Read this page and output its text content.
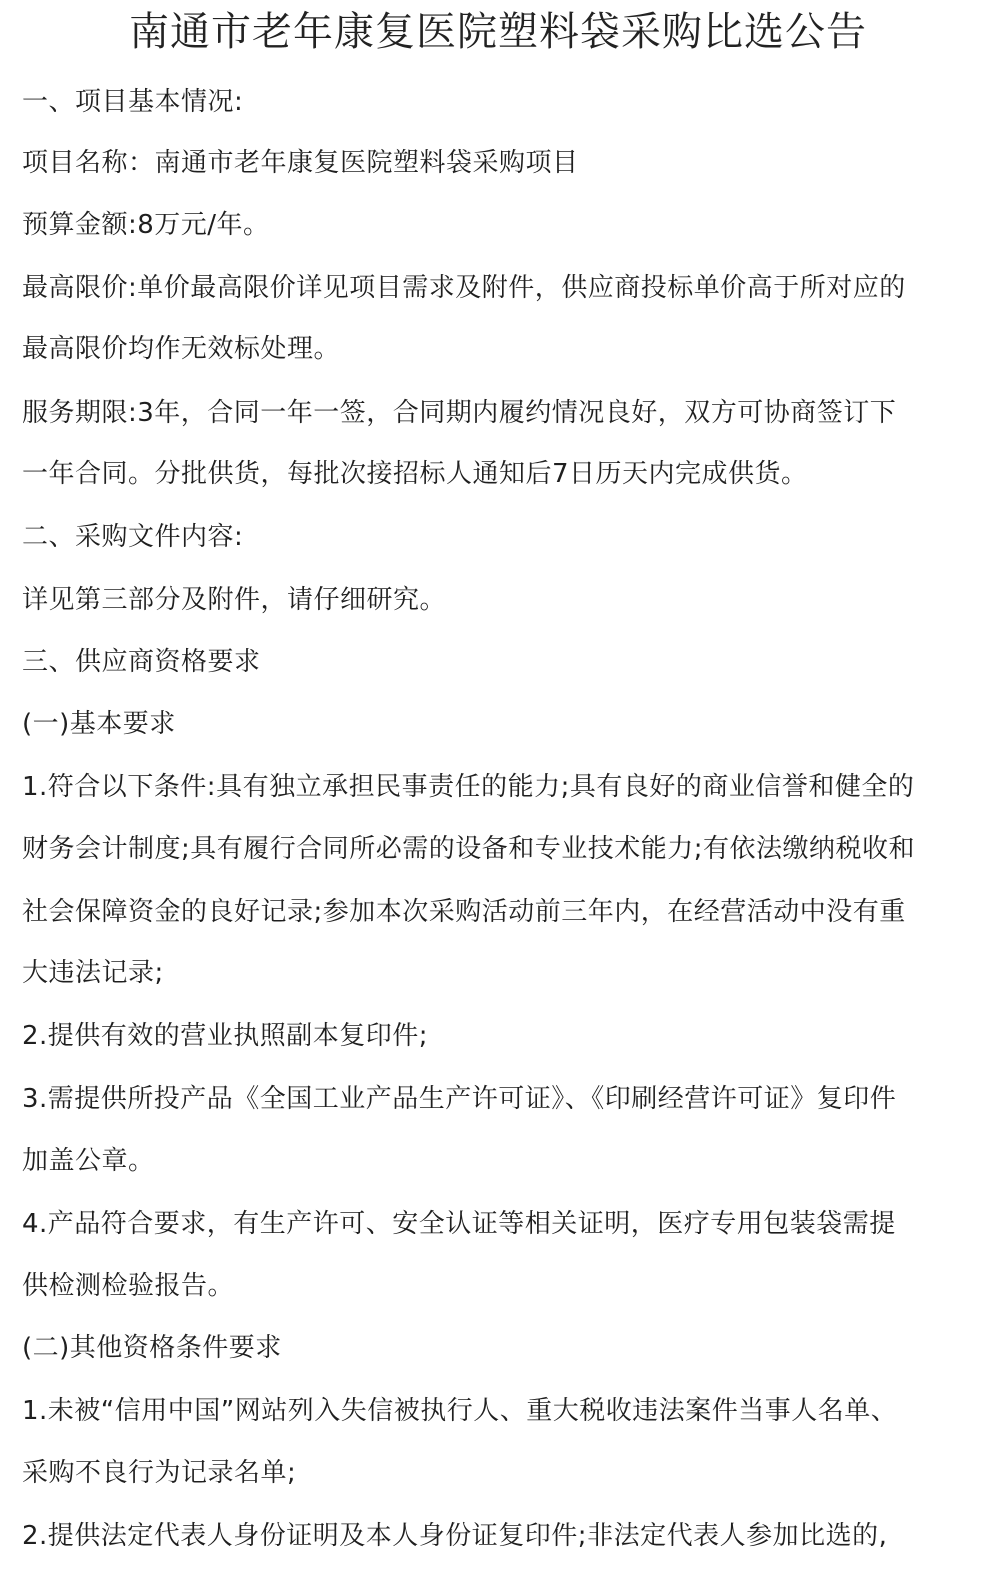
南通市老年康复医院塑料袋采购比选公告
一、项目基本情况:
项目名称：南通市老年康复医院塑料袋采购项目
预算金额:8万元/年。
最高限价:单价最高限价详见项目需求及附件，供应商投标单价高于所对应的
最高限价均作无效标处理。
服务期限:3年，合同一年一签，合同期内履约情况良好，双方可协商签订下
一年合同。分批供货，每批次接招标人通知后7日历天内完成供货。
二、采购文件内容:
详见第三部分及附件，请仔细研究。
三、供应商资格要求
(一)基本要求
1.符合以下条件:具有独立承担民事责任的能力;具有良好的商业信誉和健全的
财务会计制度;具有履行合同所必需的设备和专业技术能力;有依法缴纳税收和
社会保障资金的良好记录;参加本次采购活动前三年内，在经营活动中没有重
大违法记录;
2.提供有效的营业执照副本复印件;
3.需提供所投产品《全国工业产品生产许可证》、《印刷经营许可证》复印件
加盖公章。
4.产品符合要求，有生产许可、安全认证等相关证明，医疗专用包装袋需提
供检测检验报告。
(二)其他资格条件要求
1.未被“信用中国”网站列入失信被执行人、重大税收违法案件当事人名单、
采购不良行为记录名单;
2.提供法定代表人身份证明及本人身份证复印件;非法定代表人参加比选的,
